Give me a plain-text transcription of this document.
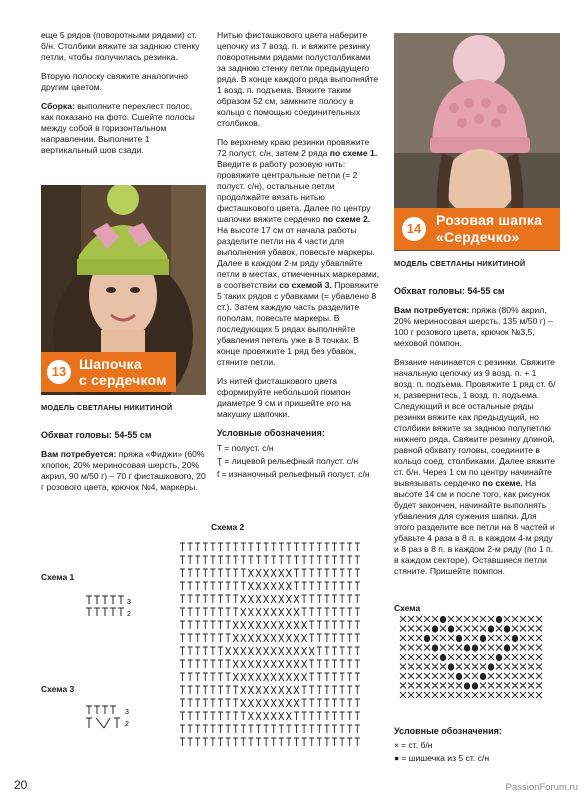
еще 5 рядов (поворотными рядами) ст. б/н. Столбики вяжите за заднюю стенку петли, чтобы получилась резинка.

Вторую полоску свяжите аналогично другим цветом.

Сборка: выполните перехлест полос, как показано на фото. Сшейте полосы между собой в горизонтальном направлении. Выполните 1 вертикальный шов сзади.

13 Шапочка
с сердечком
МОДЕЛЬ СВЕТЛАНЫ НИКИТИНОЙ

Обхват головы: 54-55 см

Вам потребуется: пряжа «Фиджи» (60% хлопок, 20% мериносовая шерсть, 20% акрил, 90 м/50 г) – 70 г фисташкового, 20 г розового цвета, крючок №4, маркеры.

Нитью фисташкового цвета наберите цепочку из 7 возд. п. и вяжите резинку поворотными рядами полустолбиками за заднюю стенку петли предыдущего ряда. В конце каждого ряда выполняйте 1 возд. п. подъема. Вяжите таким образом 52 см, замкните полосу в кольцо с помощью соединительных столбиков.

По верхнему краю резинки провяжите 72 полуст. с/н, затем 2 ряда по схеме 1. Введите в работу розовую нить: провяжите центральные петли (= 2 полуст. с/н), остальные петли продолжайте вязать нитью фисташкового цвета. Далее по центру шапочки вяжите сердечко по схеме 2. На высоте 17 см от начала работы разделите петли на 4 части для выполнения убавок, повесьте маркеры. Далее в каждом 2-м ряду убавляйте петли в местах, отмеченных маркерами, в соответствии со схемой 3. Провяжите 5 таких рядов с убавками (= убавлено 8 ст.). Затем каждую часть разделите пополам, повесьте маркеры. В последующих 5 рядах выполняйте убавления петель уже в 8 точках. В конце провяжите 1 ряд без убавок, стяните петли.

Из нитей фисташкового цвета сформируйте небольшой помпон диаметре 9 см и пришейте его на макушку шапочки.

Условные обозначения:

T = полуст. с/н
Ʈ = лицевой рельефный полуст. с/н
ƭ = изнаночный рельефный полуст. с/н
14
Розовая шапка
«Сердечко»
МОДЕЛЬ СВЕТЛАНЫ НИКИТИНОЙ

Обхват головы: 54-55 см

Вам потребуется: пряжа (80% акрил, 20% мериносовая шерсть, 135 м/50 г) – 100 г розового цвета, крючок №3,5, меховой помпон.

Вязание начинается с резинки. Свяжите начальную цепочку из 9 возд. п. + 1 возд. п. подъема. Провяжите 1 ряд ст. б/н, развернитесь, 1 возд. п. подъема. Следующий и все остальные ряды резинки вяжите как предыдущий, но столбики вяжите за заднюю полупетлю нижнего ряда. Свяжите резинку длиной, равной обхвату головы, соедините в кольцо соед. столбиками. Далее вяжите ст. б/н. Через 1 см по центру начинайте вывязывать сердечко по схеме. На высоте 14 см и после того, как рисунок будет закончен, начинайте выполнять убавления для сужения шапки. Для этого разделите все петли на 8 частей и убавьте 4 раза в 8 п. в каждом 4-м ряду и 8 раз в 8 п. в каждом 2-м ряду (по 1 п. в каждом секторе). Оставшиеся петли стяните. Пришейте помпон.

Схема 1
Схема 2
Схема 3
3
2
3
2
Схема

Условные обозначения:

× = ст. б/н
● = шишечка из 5 ст. с/н
20	PassionForum.ru
